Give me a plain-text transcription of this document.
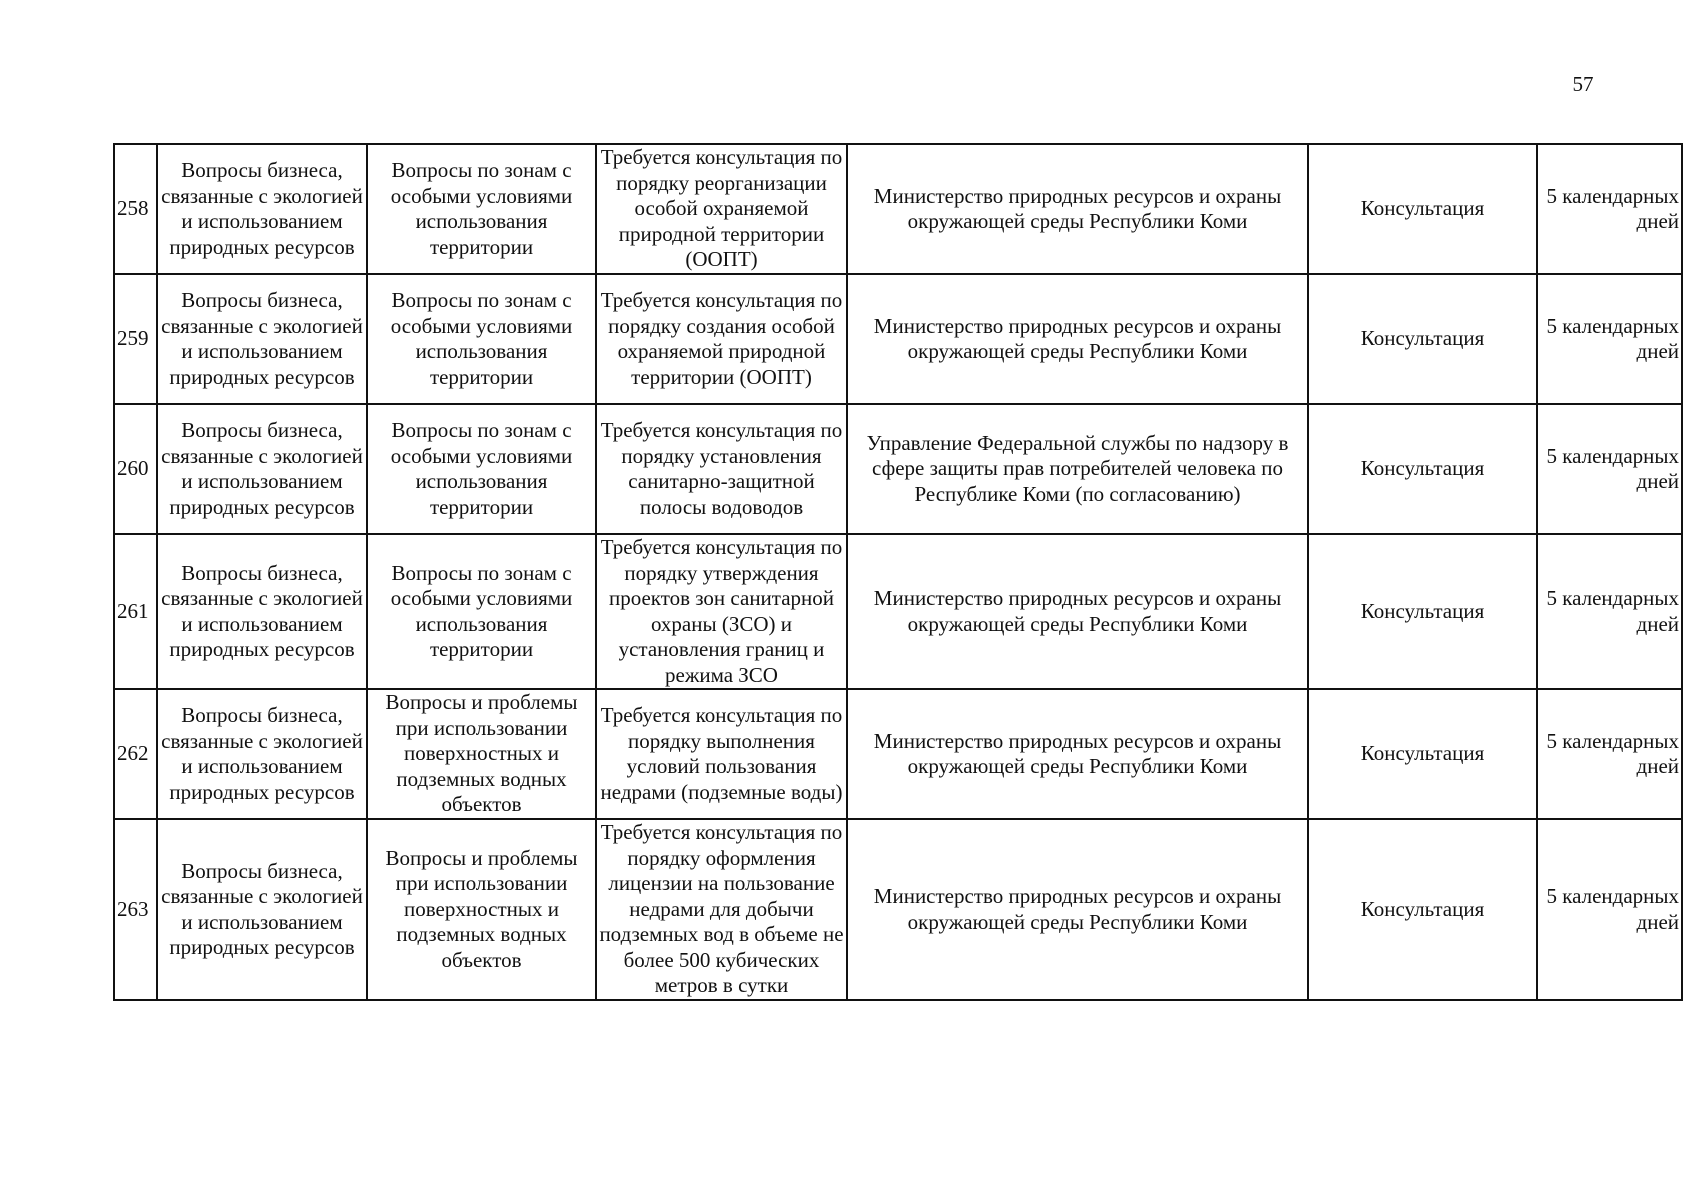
57
258	Вопросы бизнеса, связанные с экологией и использованием природных ресурсов	Вопросы по зонам с особыми условиями использования территории	Требуется консультация по порядку реорганизации особой охраняемой природной территории (ООПТ)	Министерство природных ресурсов и охраны окружающей среды Республики Коми	Консультация	5 календарных дней
259	Вопросы бизнеса, связанные с экологией и использованием природных ресурсов	Вопросы по зонам с особыми условиями использования территории	Требуется консультация по порядку создания особой охраняемой природной территории (ООПТ)	Министерство природных ресурсов и охраны окружающей среды Республики Коми	Консультация	5 календарных дней
260	Вопросы бизнеса, связанные с экологией и использованием природных ресурсов	Вопросы по зонам с особыми условиями использования территории	Требуется консультация по порядку установления санитарно-защитной полосы водоводов	Управление Федеральной службы по надзору в сфере защиты прав потребителей человека по Республике Коми (по согласованию)	Консультация	5 календарных дней
261	Вопросы бизнеса, связанные с экологией и использованием природных ресурсов	Вопросы по зонам с особыми условиями использования территории	Требуется консультация по порядку утверждения проектов зон санитарной охраны (ЗСО) и установления границ и режима ЗСО	Министерство природных ресурсов и охраны окружающей среды Республики Коми	Консультация	5 календарных дней
262	Вопросы бизнеса, связанные с экологией и использованием природных ресурсов	Вопросы и проблемы при использовании поверхностных и подземных водных объектов	Требуется консультация по порядку выполнения условий пользования недрами (подземные воды)	Министерство природных ресурсов и охраны окружающей среды Республики Коми	Консультация	5 календарных дней
263	Вопросы бизнеса, связанные с экологией и использованием природных ресурсов	Вопросы и проблемы при использовании поверхностных и подземных водных объектов	Требуется консультация по порядку оформления лицензии на пользование недрами для добычи подземных вод в объеме не более 500 кубических метров в сутки	Министерство природных ресурсов и охраны окружающей среды Республики Коми	Консультация	5 календарных дней
